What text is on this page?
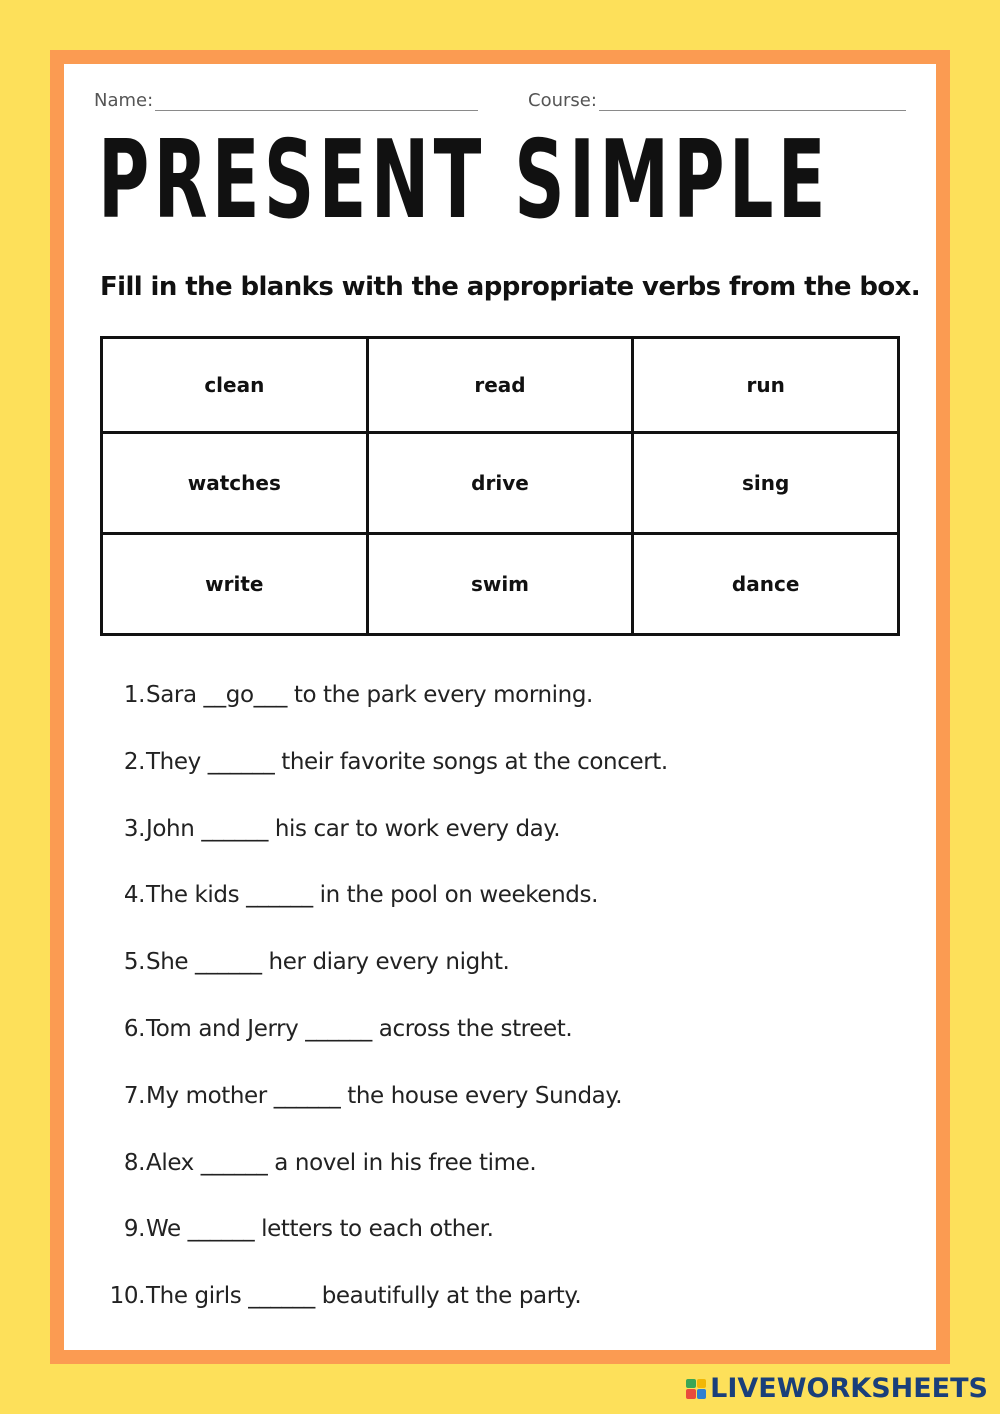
Name:	Course:
PRESENT SIMPLE
Fill in the blanks with the appropriate verbs from the box.
clean	read	run
watches	drive	sing
write	swim	dance
1. Sara __go___ to the park every morning.
2. They ______ their favorite songs at the concert.
3. John ______ his car to work every day.
4. The kids ______ in the pool on weekends.
5. She ______ her diary every night.
6. Tom and Jerry ______ across the street.
7. My mother ______ the house every Sunday.
8. Alex ______ a novel in his free time.
9. We ______ letters to each other.
10. The girls ______ beautifully at the party.
LIVEWORKSHEETS
